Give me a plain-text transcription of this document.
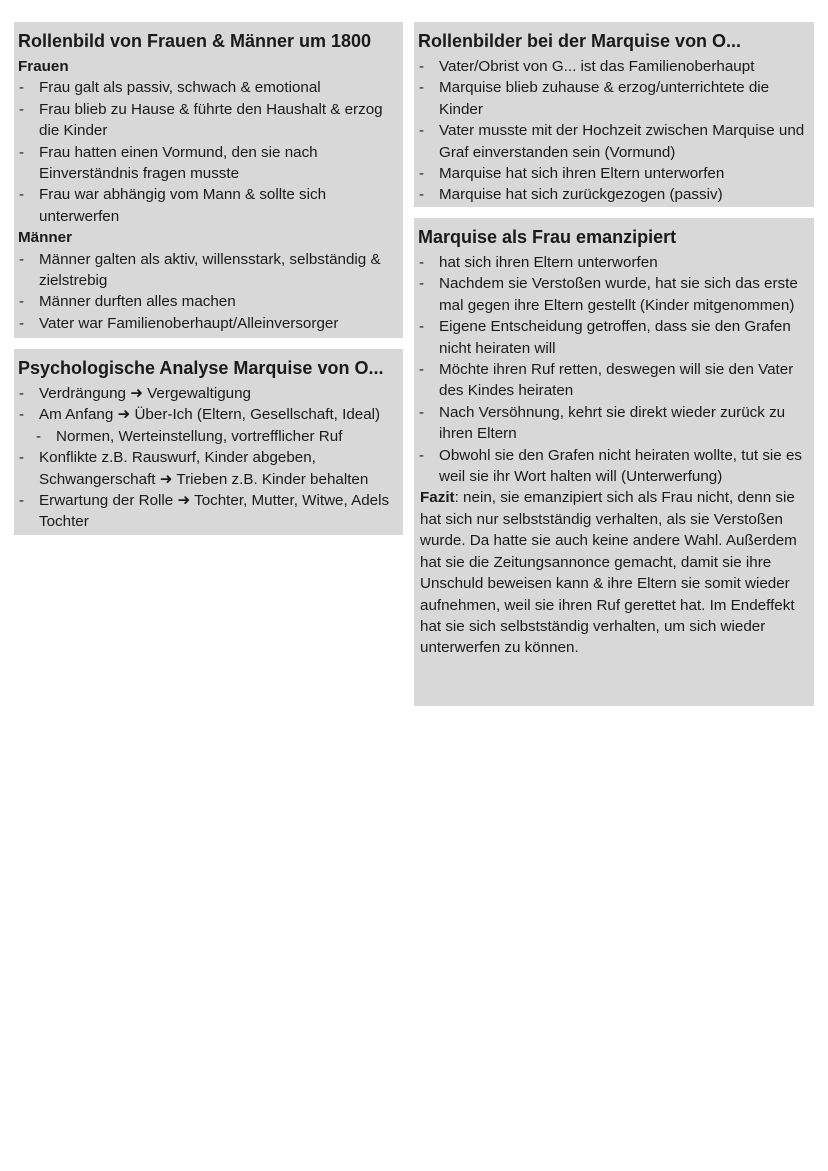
Rollenbild von Frauen & Männer um 1800
Frauen
- Frau galt als passiv, schwach & emotional
- Frau blieb zu Hause & führte den Haushalt & erzog die Kinder
- Frau hatten einen Vormund, den sie nach Einverständnis fragen musste
- Frau war abhängig vom Mann & sollte sich unterwerfen
Männer
- Männer galten als aktiv, willensstark, selbständig & zielstrebig
- Männer durften alles machen
- Vater war Familienoberhaupt/Alleinversorger
Psychologische Analyse Marquise von O...
- Verdrängung ➜ Vergewaltigung
- Am Anfang ➜ Über-Ich (Eltern, Gesellschaft, Ideal)
- Normen, Werteinstellung, vortrefflicher Ruf
- Konflikte z.B. Rauswurf, Kinder abgeben, Schwangerschaft ➜ Trieben z.B. Kinder behalten
- Erwartung der Rolle ➜ Tochter, Mutter, Witwe, Adels Tochter
Rollenbilder bei der Marquise von O...
- Vater/Obrist von G... ist das Familienoberhaupt
- Marquise blieb zuhause & erzog/unterrichtete die Kinder
- Vater musste mit der Hochzeit zwischen Marquise und Graf einverstanden sein (Vormund)
- Marquise hat sich ihren Eltern unterworfen
- Marquise hat sich zurückgezogen (passiv)
Marquise als Frau emanzipiert
- hat sich ihren Eltern unterworfen
- Nachdem sie Verstoßen wurde, hat sie sich das erste mal gegen ihre Eltern gestellt (Kinder mitgenommen)
- Eigene Entscheidung getroffen, dass sie den Grafen nicht heiraten will
- Möchte ihren Ruf retten, deswegen will sie den Vater des Kindes heiraten
- Nach Versöhnung, kehrt sie direkt wieder zurück zu ihren Eltern
- Obwohl sie den Grafen nicht heiraten wollte, tut sie es weil sie ihr Wort halten will (Unterwerfung)
Fazit: nein, sie emanzipiert sich als Frau nicht, denn sie hat sich nur selbstständig verhalten, als sie Verstoßen wurde. Da hatte sie auch keine andere Wahl. Außerdem hat sie die Zeitungsannonce gemacht, damit sie ihre Unschuld beweisen kann & ihre Eltern sie somit wieder aufnehmen, weil sie ihren Ruf gerettet hat. Im Endeffekt hat sie sich selbstständig verhalten, um sich wieder unterwerfen zu können.
